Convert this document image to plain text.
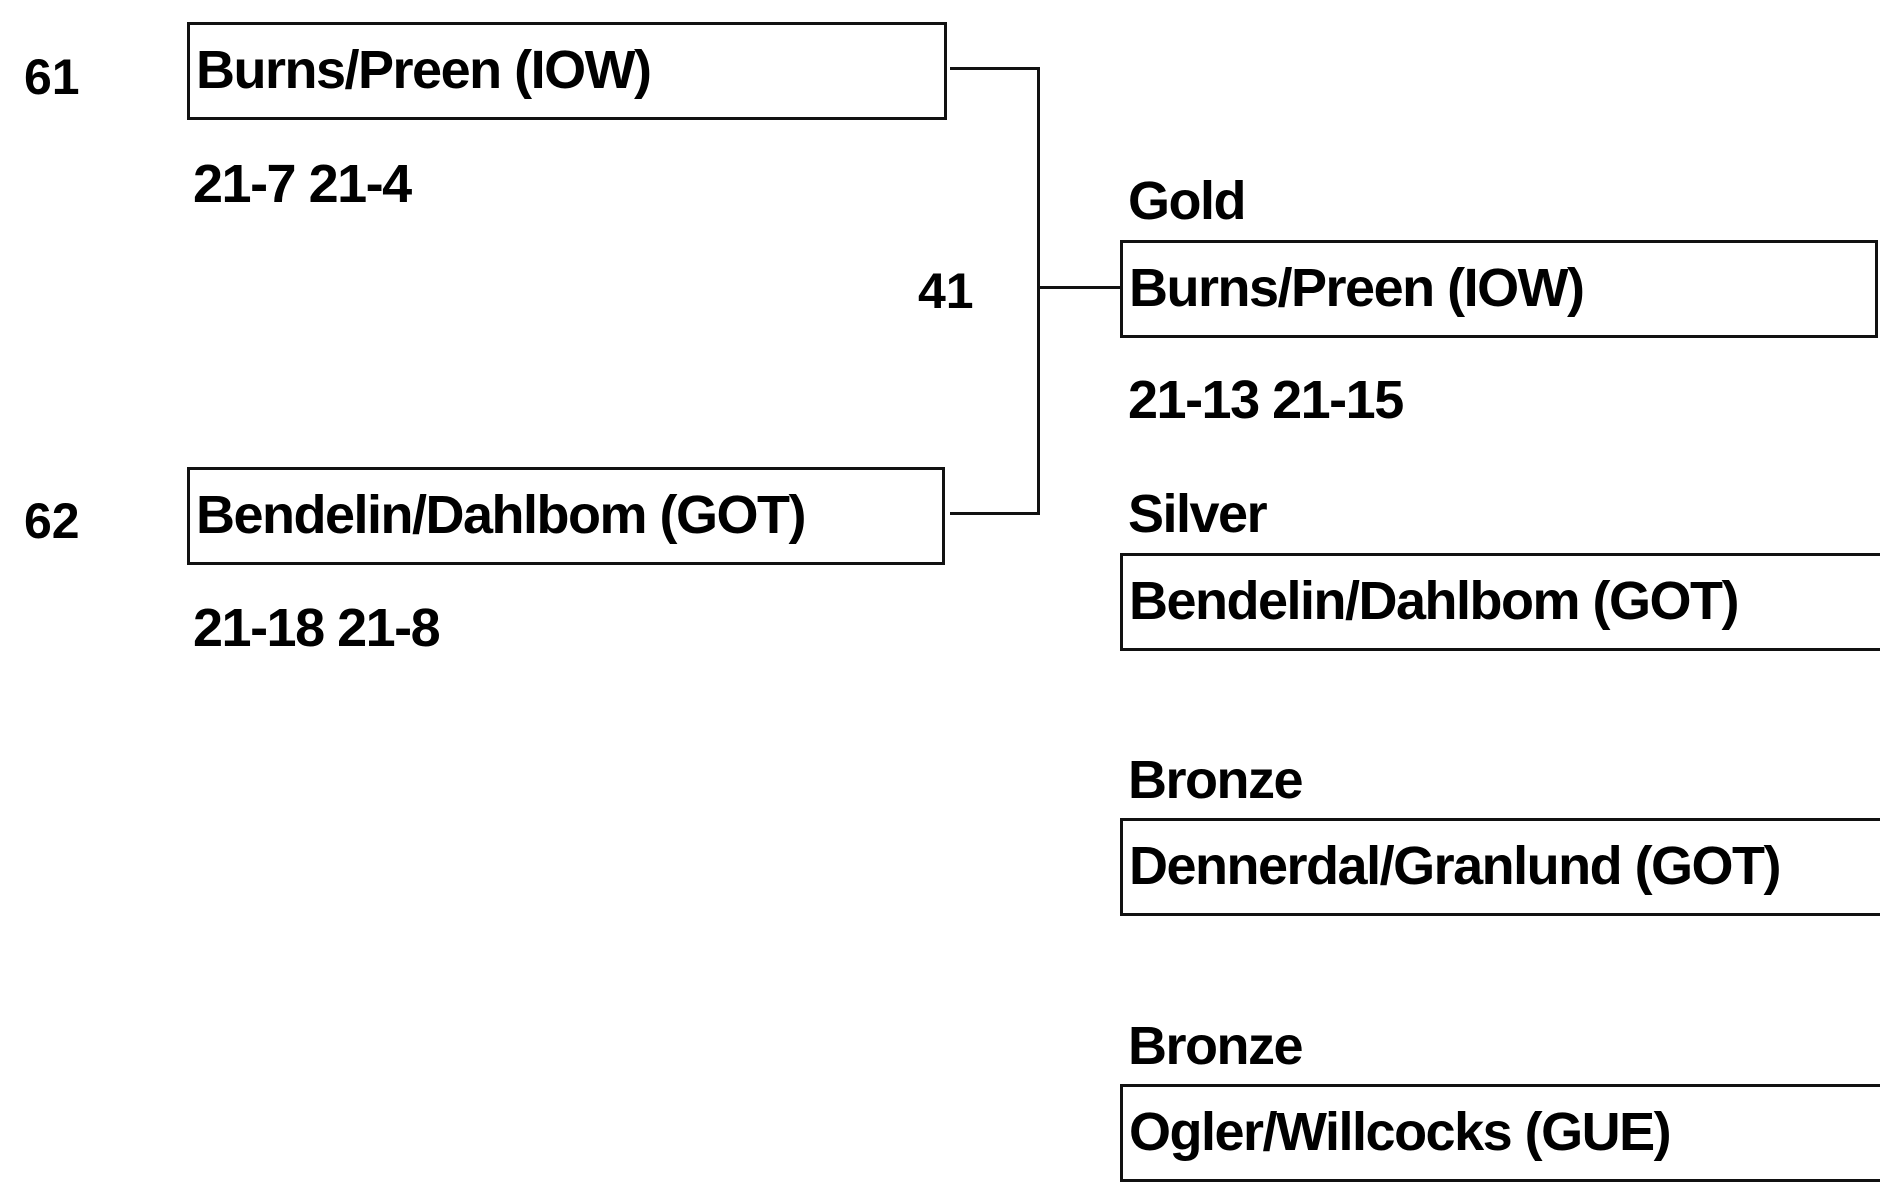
61 Burns/Preen (IOW)
21-7 21-4
62 Bendelin/Dahlbom (GOT)
21-18 21-8
41
Gold
Burns/Preen (IOW)
21-13 21-15
Silver
Bendelin/Dahlbom (GOT)
Bronze
Dennerdal/Granlund (GOT)
Bronze
Ogler/Willcocks (GUE)
